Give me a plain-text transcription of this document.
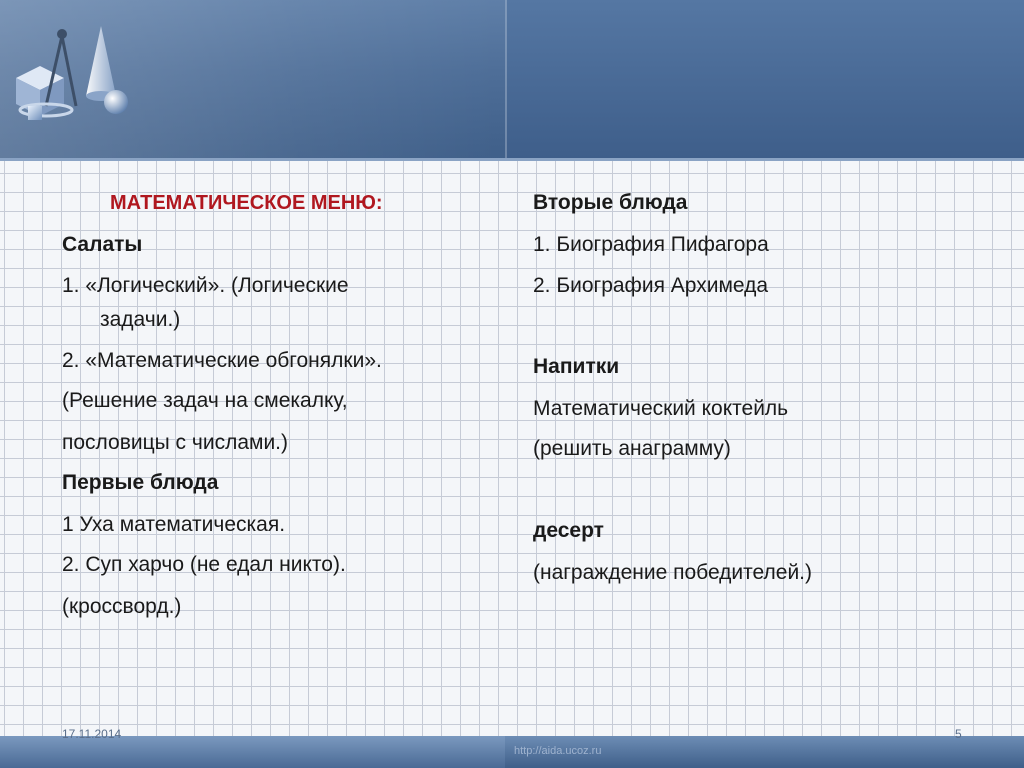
МАТЕМАТИЧЕСКОЕ МЕНЮ:
Салаты
1. «Логический». (Логические
задачи.)
2. «Математические обгонялки».
(Решение задач на смекалку,
пословицы с числами.)
Первые блюда
1 Уха математическая.
2. Суп харчо (не едал никто).
(кроссворд.)
Вторые блюда
1. Биография Пифагора
2. Биография Архимеда
Напитки
Математический коктейль
(решить анаграмму)
десерт
(награждение победителей.)
17.11.2014	5
http://aida.ucoz.ru
